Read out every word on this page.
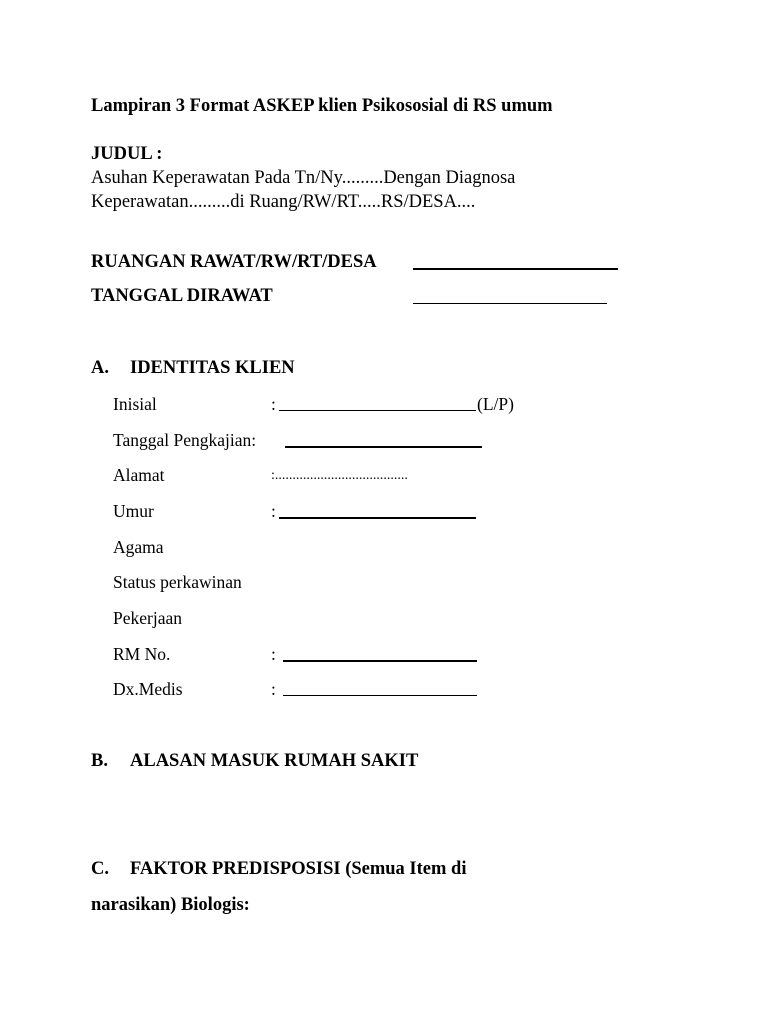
Lampiran 3 Format ASKEP klien Psikososial di RS umum
JUDUL :
Asuhan Keperawatan Pada Tn/Ny.........Dengan Diagnosa
Keperawatan.........di Ruang/RW/RT.....RS/DESA....
RUANGAN RAWAT/RW/RT/DESA
TANGGAL DIRAWAT
A. IDENTITAS KLIEN
Inisial	:	(L/P)
Tanggal Pengkajian:
Alamat	:......................................
Umur	:
Agama
Status perkawinan
Pekerjaan
RM No.	:
Dx.Medis	:
B. ALASAN MASUK RUMAH SAKIT
C. FAKTOR PREDISPOSISI (Semua Item di
narasikan) Biologis:
